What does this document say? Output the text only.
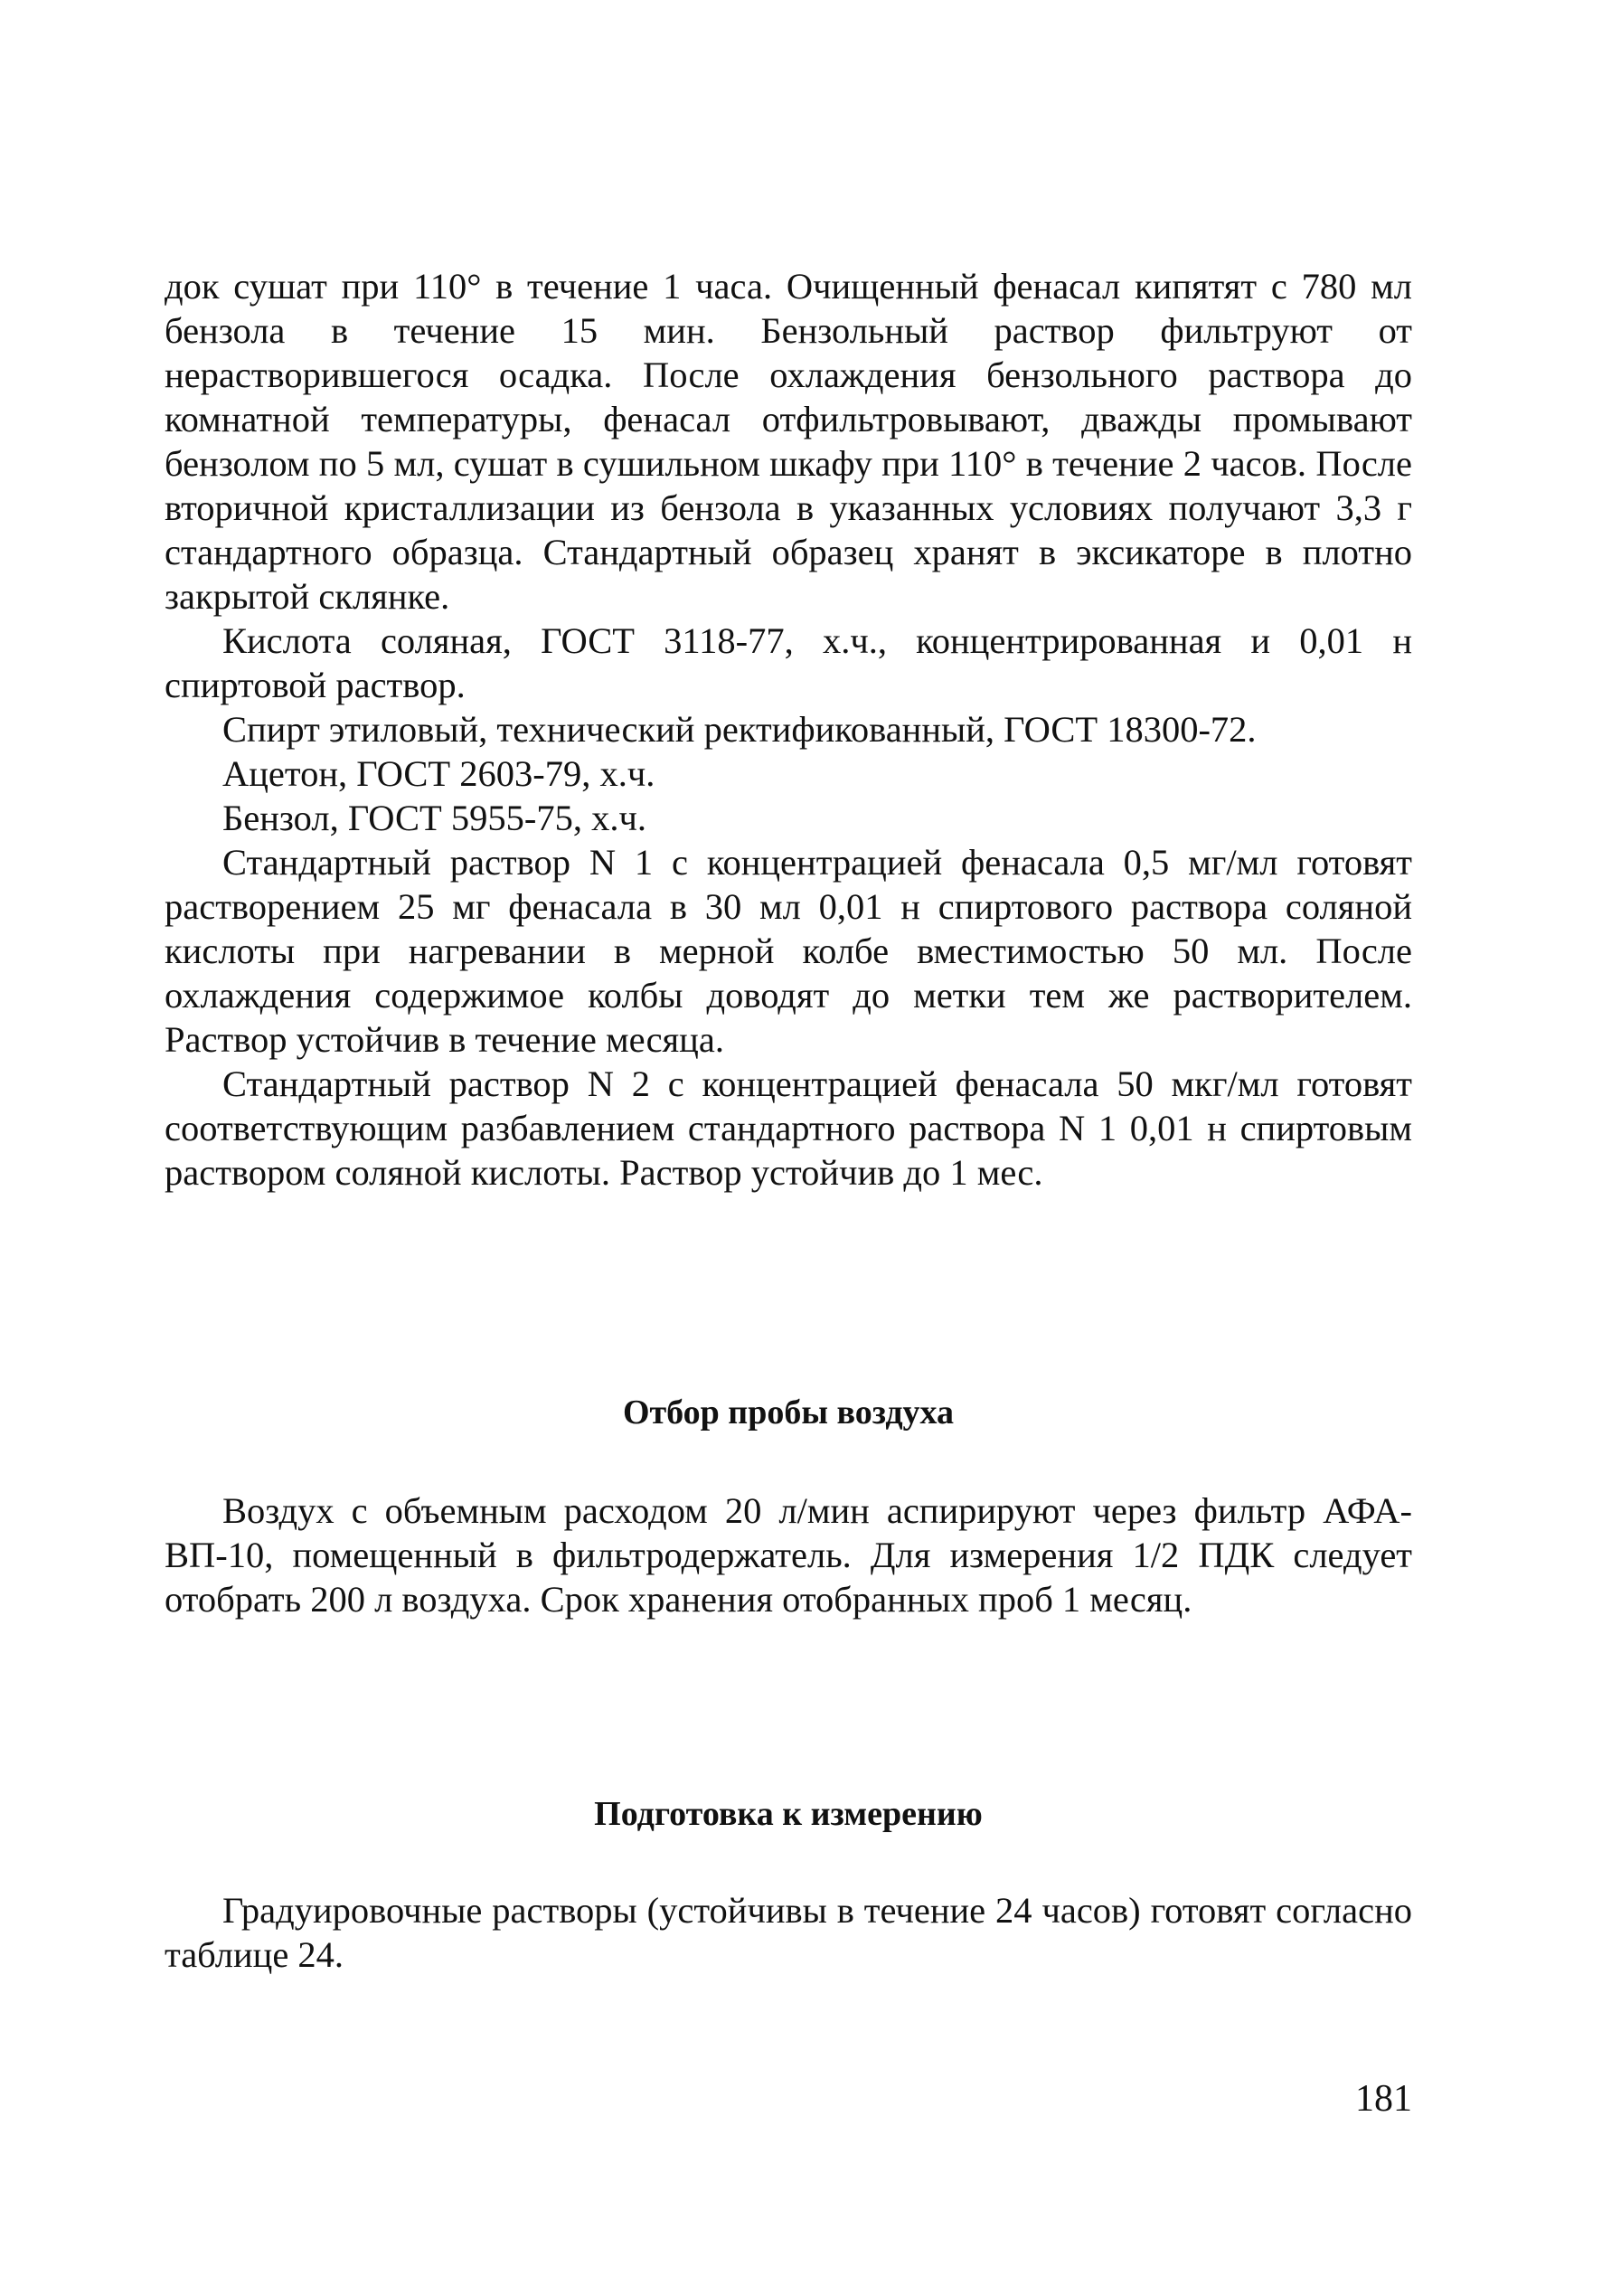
док сушат при 110° в течение 1 часа. Очищенный фенасал кипятят с 780 мл бензола в течение 15 мин. Бензольный раствор фильтруют от нерастворившегося осадка. После охлаждения бензольного раствора до комнатной температуры, фенасал отфильтровывают, дважды промывают бензолом по 5 мл, сушат в сушильном шкафу при 110° в течение 2 часов. После вторичной кристаллизации из бензола в указанных условиях получают 3,3 г стандартного образца. Стандартный образец хранят в эксикаторе в плотно закрытой склянке.

Кислота соляная, ГОСТ 3118-77, х.ч., концентрированная и 0,01 н спиртовой раствор.

Спирт этиловый, технический ректификованный, ГОСТ 18300-72.

Ацетон, ГОСТ 2603-79, х.ч.

Бензол, ГОСТ 5955-75, х.ч.

Стандартный раствор N 1 с концентрацией фенасала 0,5 мг/мл готовят растворением 25 мг фенасала в 30 мл 0,01 н спиртового раствора соляной кислоты при нагревании в мерной колбе вместимостью 50 мл. После охлаждения содержимое колбы доводят до метки тем же растворителем. Раствор устойчив в течение месяца.

Стандартный раствор N 2 с концентрацией фенасала 50 мкг/мл готовят соответствующим разбавлением стандартного раствора N 1 0,01 н спиртовым раствором соляной кислоты. Раствор устойчив до 1 мес.

Отбор пробы воздуха

Воздух с объемным расходом 20 л/мин аспирируют через фильтр АФА-ВП-10, помещенный в фильтродержатель. Для измерения 1/2 ПДК следует отобрать 200 л воздуха. Срок хранения отобранных проб 1 месяц.

Подготовка к измерению

Градуировочные растворы (устойчивы в течение 24 часов) готовят согласно таблице 24.

181
